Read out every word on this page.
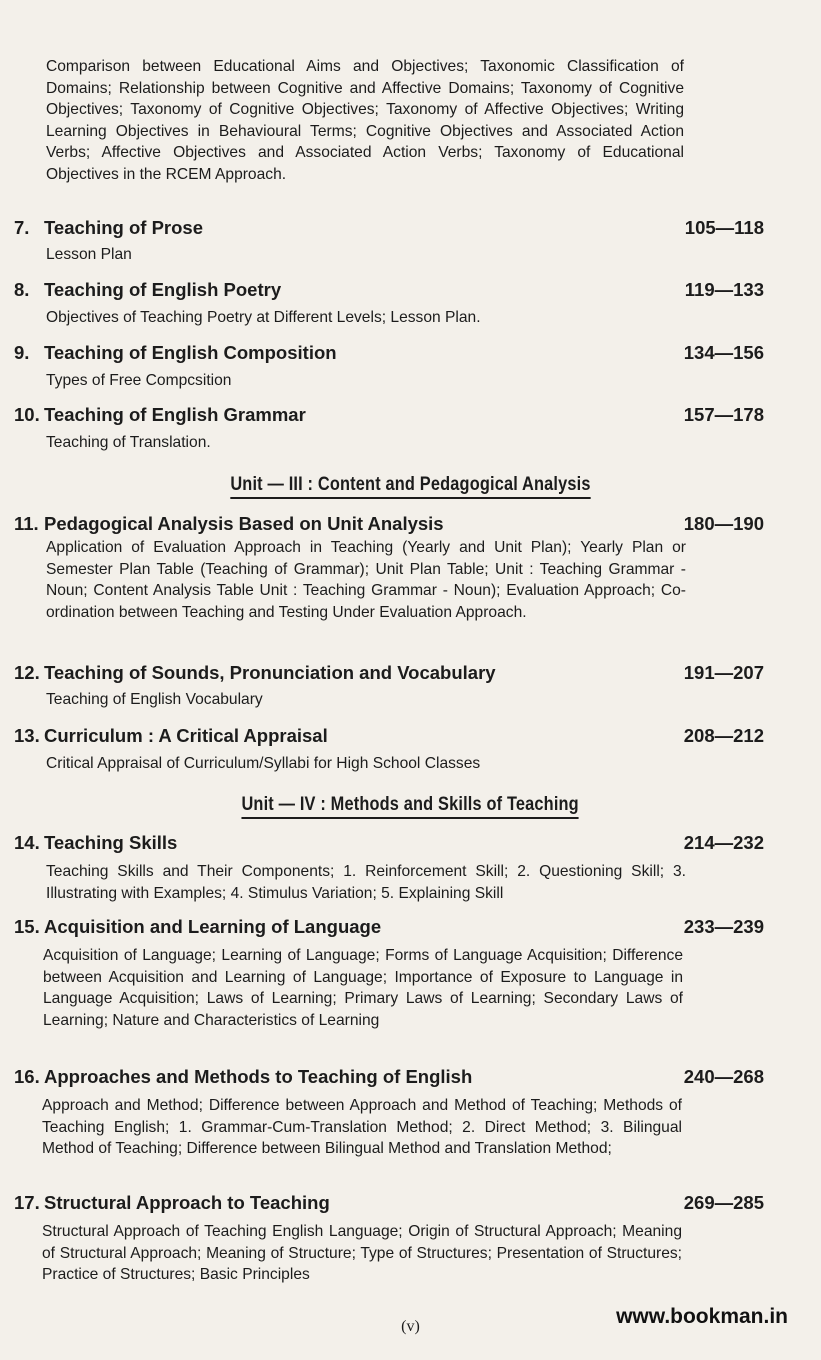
Comparison between Educational Aims and Objectives; Taxonomic Classification of Domains; Relationship between Cognitive and Affective Domains; Taxonomy of Cognitive Objectives; Taxonomy of Cognitive Objectives; Taxonomy of Affective Objectives; Writing Learning Objectives in Behavioural Terms; Cognitive Objectives and Associated Action Verbs; Affective Objectives and Associated Action Verbs; Taxonomy of Educational Objectives in the RCEM Approach.
7. Teaching of Prose	105—118
Lesson Plan
8. Teaching of English Poetry	119—133
Objectives of Teaching Poetry at Different Levels; Lesson Plan.
9. Teaching of English Composition	134—156
Types of Free Compcsition
10. Teaching of English Grammar	157—178
Teaching of Translation.
Unit — III : Content and Pedagogical Analysis
11. Pedagogical Analysis Based on Unit Analysis	180—190
Application of Evaluation Approach in Teaching (Yearly and Unit Plan); Yearly Plan or Semester Plan Table (Teaching of Grammar); Unit Plan Table; Unit : Teaching Grammar - Noun; Content Analysis Table Unit : Teaching Grammar - Noun); Evaluation Approach; Co-ordination between Teaching and Testing Under Evaluation Approach.
12. Teaching of Sounds, Pronunciation and Vocabulary	191—207
Teaching of English Vocabulary
13. Curriculum : A Critical Appraisal	208—212
Critical Appraisal of Curriculum/Syllabi for High School Classes
Unit — IV : Methods and Skills of Teaching
14. Teaching Skills	214—232
Teaching Skills and Their Components; 1. Reinforcement Skill; 2. Questioning Skill; 3. Illustrating with Examples; 4. Stimulus Variation; 5. Explaining Skill
15. Acquisition and Learning of Language	233—239
Acquisition of Language; Learning of Language; Forms of Language Acquisition; Difference between Acquisition and Learning of Language; Importance of Exposure to Language in Language Acquisition; Laws of Learning; Primary Laws of Learning; Secondary Laws of Learning; Nature and Characteristics of Learning
16. Approaches and Methods to Teaching of English	240—268
Approach and Method; Difference between Approach and Method of Teaching; Methods of Teaching English; 1. Grammar-Cum-Translation Method; 2. Direct Method; 3. Bilingual Method of Teaching; Difference between Bilingual Method and Translation Method;
17. Structural Approach to Teaching	269—285
Structural Approach of Teaching English Language; Origin of Structural Approach; Meaning of Structural Approach; Meaning of Structure; Type of Structures; Presentation of Structures; Practice of Structures; Basic Principles
(v)	www.bookman.in
